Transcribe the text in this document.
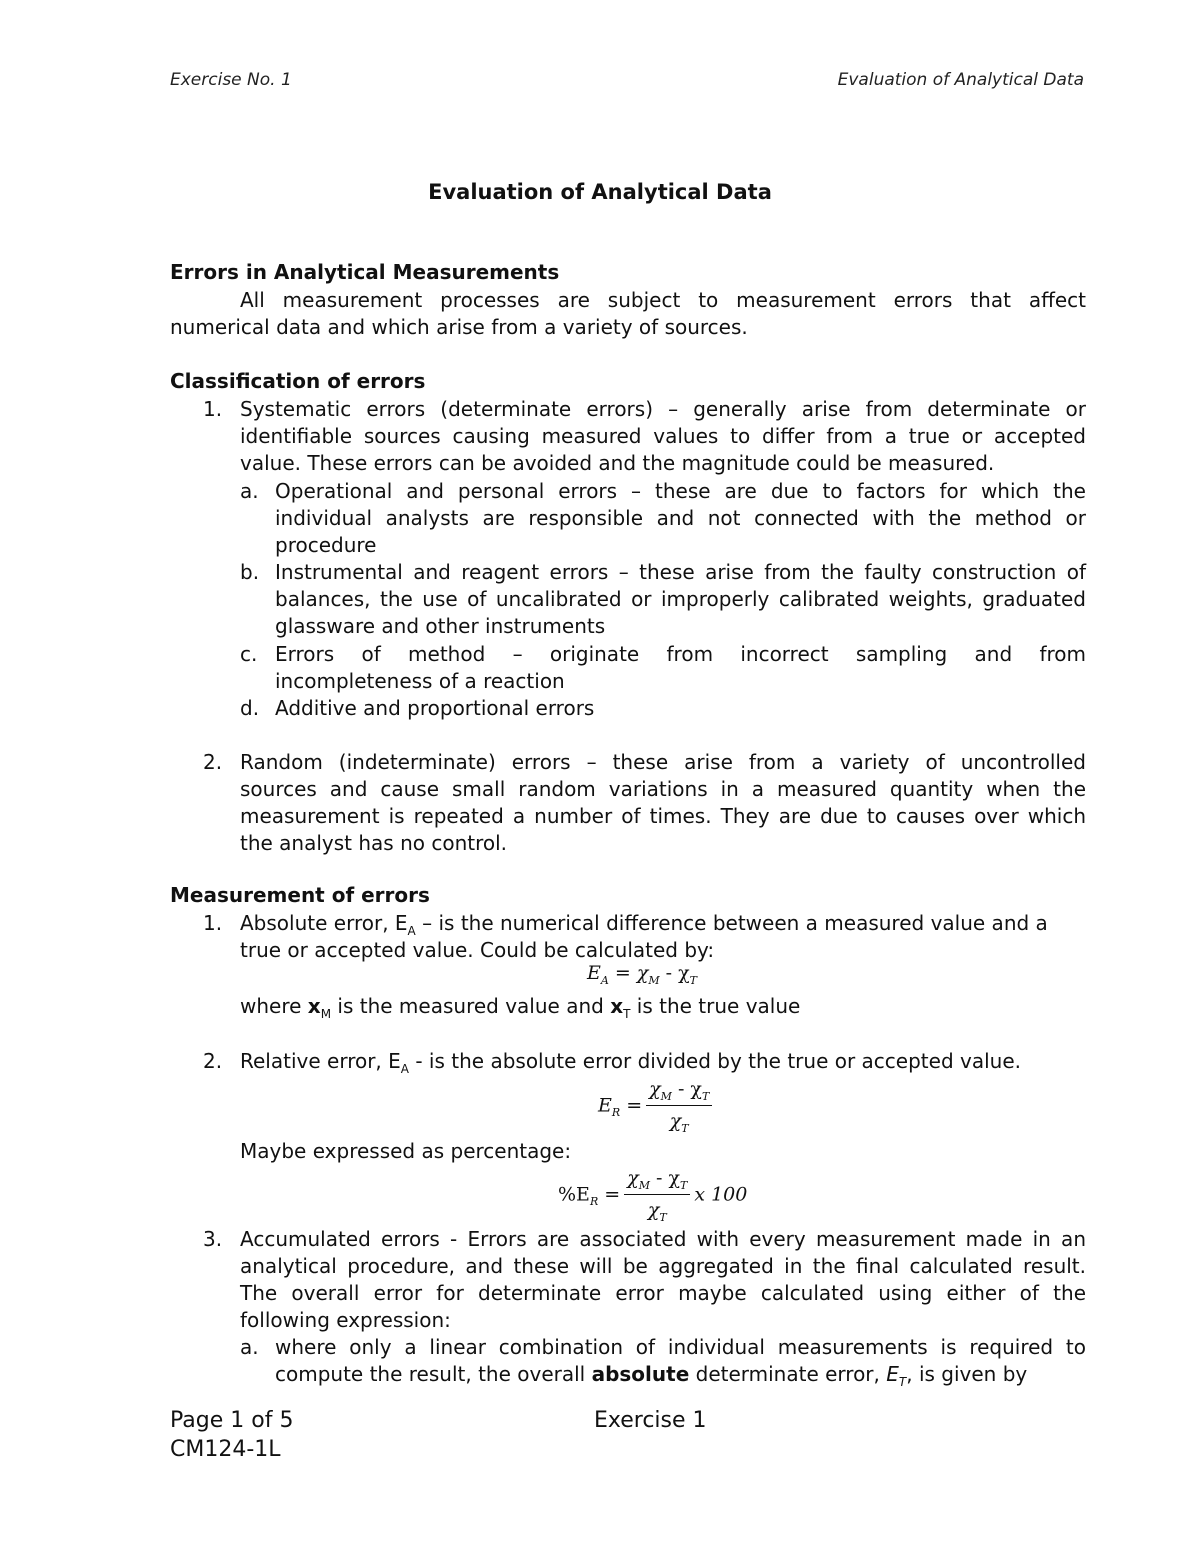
Exercise No. 1	Evaluation of Analytical Data
Evaluation of Analytical Data
Errors in Analytical Measurements
All measurement processes are subject to measurement errors that affect
numerical data and which arise from a variety of sources.
Classification of errors
1. Systematic errors (determinate errors) – generally arise from determinate or
identifiable sources causing measured values to differ from a true or accepted
value. These errors can be avoided and the magnitude could be measured.
a. Operational and personal errors – these are due to factors for which the
individual analysts are responsible and not connected with the method or
procedure
b. Instrumental and reagent errors – these arise from the faulty construction of
balances, the use of uncalibrated or improperly calibrated weights, graduated
glassware and other instruments
c. Errors of method – originate from incorrect sampling and from
incompleteness of a reaction
d. Additive and proportional errors
2. Random (indeterminate) errors – these arise from a variety of uncontrolled
sources and cause small random variations in a measured quantity when the
measurement is repeated a number of times. They are due to causes over which
the analyst has no control.
Measurement of errors
1. Absolute error, $E_A$ – is the numerical difference between a measured value and a
true or accepted value. Could be calculated by:
$E_A = \chi_M - \chi_T$
where $x_M$ is the measured value and $x_T$ is the true value
2. Relative error, $E_A$ - is the absolute error divided by the true or accepted value.
$E_R = \frac{\chi_M - \chi_T}{\chi_T}$
Maybe expressed as percentage:
$\%E_R = \frac{\chi_M - \chi_T}{\chi_T}$ x 100
3. Accumulated errors - Errors are associated with every measurement made in an
analytical procedure, and these will be aggregated in the final calculated result.
The overall error for determinate error maybe calculated using either of the
following expression:
a. where only a linear combination of individual measurements is required to
compute the result, the overall absolute determinate error, $E_T$, is given by
Page 1 of 5	Exercise 1
CM124-1L
